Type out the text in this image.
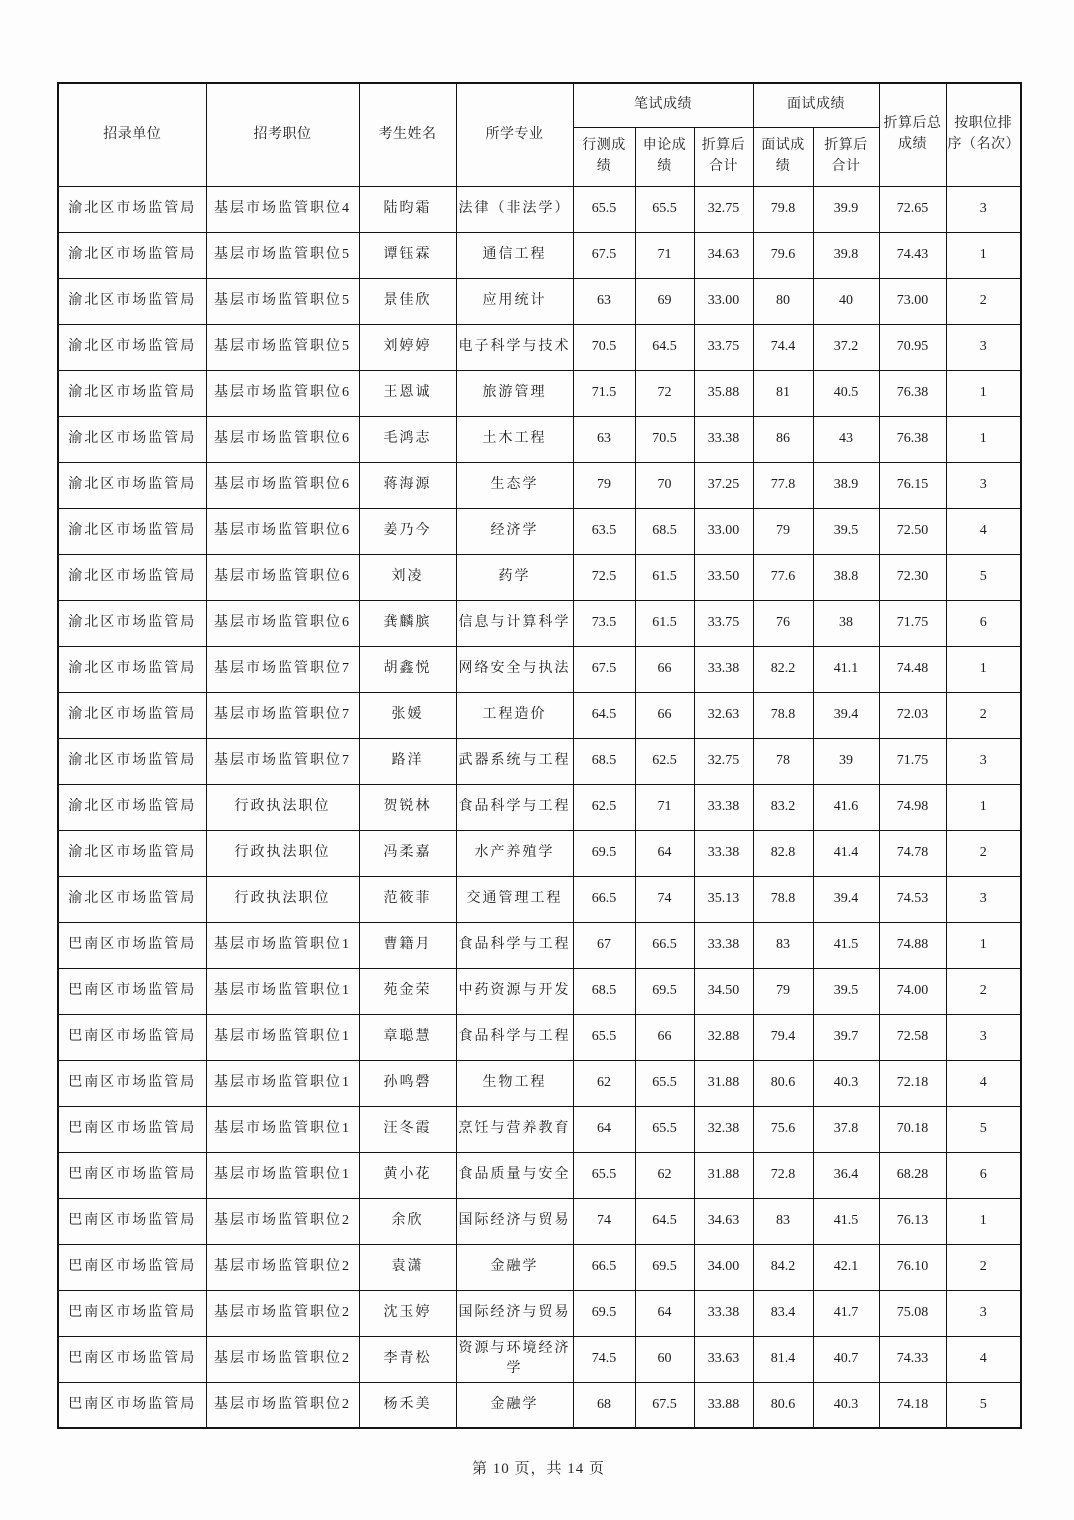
招录单位	招考职位	考生姓名	所学专业	笔试成绩			面试成绩		折算后总成绩	按职位排序（名次）
				行测成绩	申论成绩	折算后合计	面试成绩	折算后合计		
渝北区市场监管局	基层市场监管职位4	陆昀霜	法律（非法学）	65.5	65.5	32.75	79.8	39.9	72.65	3
渝北区市场监管局	基层市场监管职位5	谭钰霖	通信工程	67.5	71	34.63	79.6	39.8	74.43	1
渝北区市场监管局	基层市场监管职位5	景佳欣	应用统计	63	69	33.00	80	40	73.00	2
渝北区市场监管局	基层市场监管职位5	刘婷婷	电子科学与技术	70.5	64.5	33.75	74.4	37.2	70.95	3
渝北区市场监管局	基层市场监管职位6	王恩诚	旅游管理	71.5	72	35.88	81	40.5	76.38	1
渝北区市场监管局	基层市场监管职位6	毛鸿志	土木工程	63	70.5	33.38	86	43	76.38	1
渝北区市场监管局	基层市场监管职位6	蒋海源	生态学	79	70	37.25	77.8	38.9	76.15	3
渝北区市场监管局	基层市场监管职位6	姜乃今	经济学	63.5	68.5	33.00	79	39.5	72.50	4
渝北区市场监管局	基层市场监管职位6	刘凌	药学	72.5	61.5	33.50	77.6	38.8	72.30	5
渝北区市场监管局	基层市场监管职位6	龚麟膑	信息与计算科学	73.5	61.5	33.75	76	38	71.75	6
渝北区市场监管局	基层市场监管职位7	胡鑫悦	网络安全与执法	67.5	66	33.38	82.2	41.1	74.48	1
渝北区市场监管局	基层市场监管职位7	张媛	工程造价	64.5	66	32.63	78.8	39.4	72.03	2
渝北区市场监管局	基层市场监管职位7	路洋	武器系统与工程	68.5	62.5	32.75	78	39	71.75	3
渝北区市场监管局	行政执法职位	贺锐林	食品科学与工程	62.5	71	33.38	83.2	41.6	74.98	1
渝北区市场监管局	行政执法职位	冯柔嘉	水产养殖学	69.5	64	33.38	82.8	41.4	74.78	2
渝北区市场监管局	行政执法职位	范筱菲	交通管理工程	66.5	74	35.13	78.8	39.4	74.53	3
巴南区市场监管局	基层市场监管职位1	曹籍月	食品科学与工程	67	66.5	33.38	83	41.5	74.88	1
巴南区市场监管局	基层市场监管职位1	苑金荣	中药资源与开发	68.5	69.5	34.50	79	39.5	74.00	2
巴南区市场监管局	基层市场监管职位1	章聪慧	食品科学与工程	65.5	66	32.88	79.4	39.7	72.58	3
巴南区市场监管局	基层市场监管职位1	孙鸣磬	生物工程	62	65.5	31.88	80.6	40.3	72.18	4
巴南区市场监管局	基层市场监管职位1	汪冬霞	烹饪与营养教育	64	65.5	32.38	75.6	37.8	70.18	5
巴南区市场监管局	基层市场监管职位1	黄小花	食品质量与安全	65.5	62	31.88	72.8	36.4	68.28	6
巴南区市场监管局	基层市场监管职位2	余欣	国际经济与贸易	74	64.5	34.63	83	41.5	76.13	1
巴南区市场监管局	基层市场监管职位2	袁潇	金融学	66.5	69.5	34.00	84.2	42.1	76.10	2
巴南区市场监管局	基层市场监管职位2	沈玉婷	国际经济与贸易	69.5	64	33.38	83.4	41.7	75.08	3
巴南区市场监管局	基层市场监管职位2	李青松	资源与环境经济学	74.5	60	33.63	81.4	40.7	74.33	4
巴南区市场监管局	基层市场监管职位2	杨禾美	金融学	68	67.5	33.88	80.6	40.3	74.18	5
第 10 页，共 14 页
